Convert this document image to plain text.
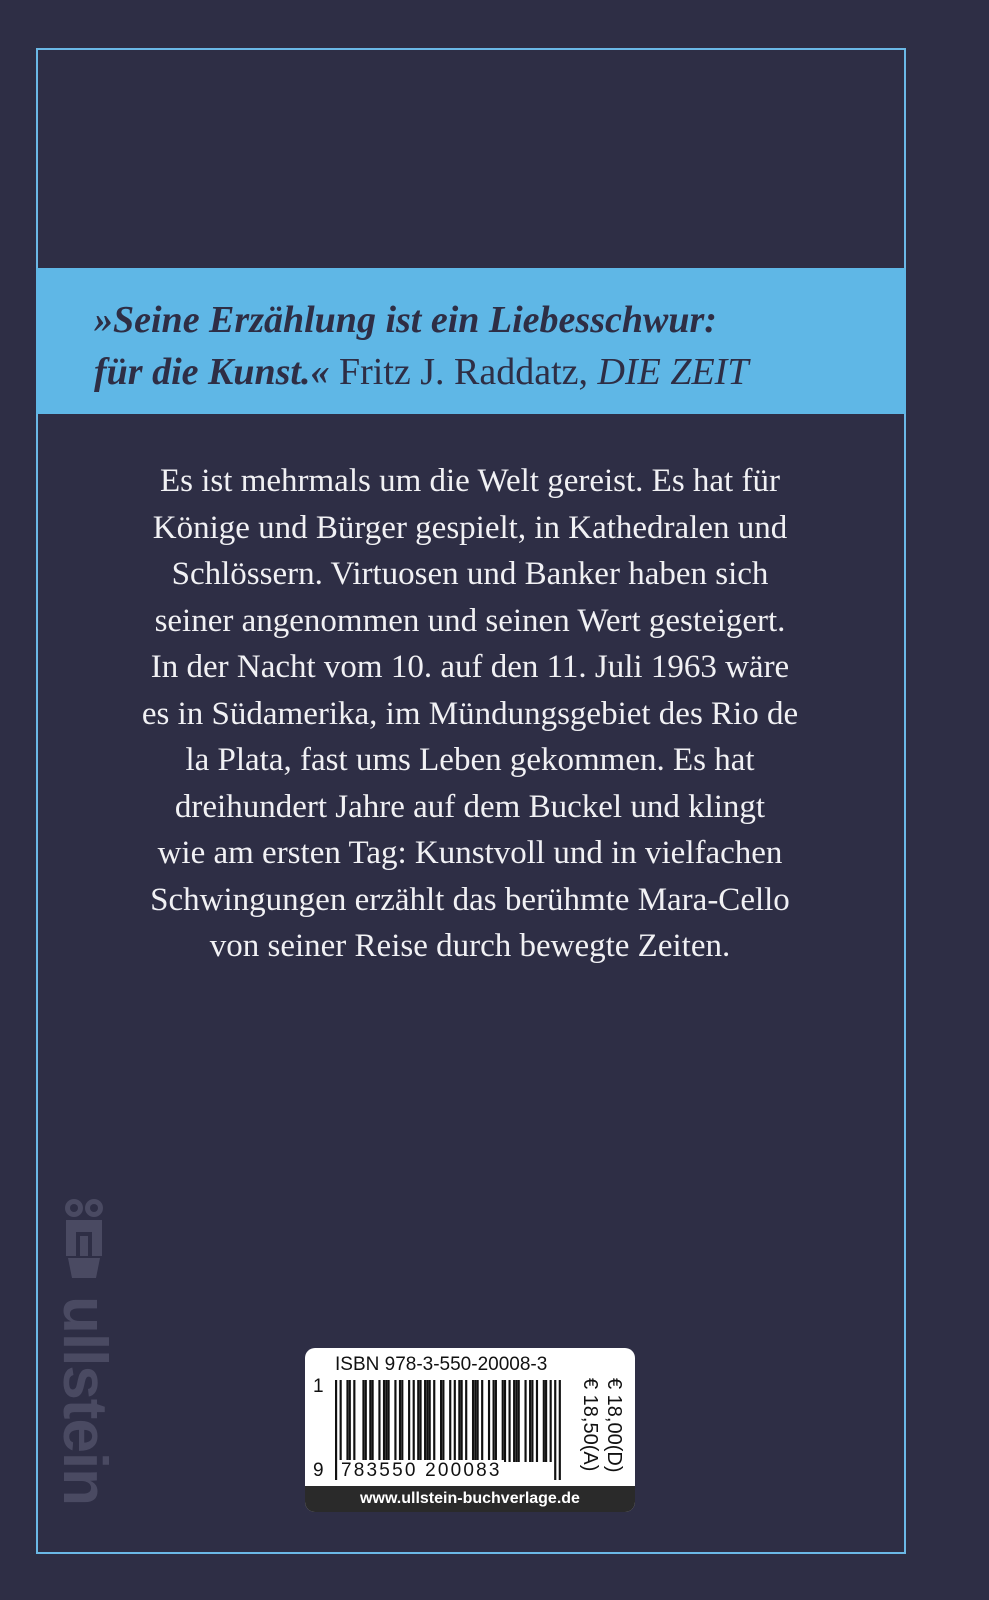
»Seine Erzählung ist ein Liebesschwur:
für die Kunst.« Fritz J. Raddatz, DIE ZEIT

Es ist mehrmals um die Welt gereist. Es hat für
Könige und Bürger gespielt, in Kathedralen und
Schlössern. Virtuosen und Banker haben sich
seiner angenommen und seinen Wert gesteigert.
In der Nacht vom 10. auf den 11. Juli 1963 wäre
es in Südamerika, im Mündungsgebiet des Rio de
la Plata, fast ums Leben gekommen. Es hat
dreihundert Jahre auf dem Buckel und klingt
wie am ersten Tag: Kunstvoll und in vielfachen
Schwingungen erzählt das berühmte Mara-Cello
von seiner Reise durch bewegte Zeiten.

ullstein	ISBN 978-3-550-20008-3
1
9 783550 200083	€ 18,00(D)
€ 18,50(A)
www.ullstein-buchverlage.de
